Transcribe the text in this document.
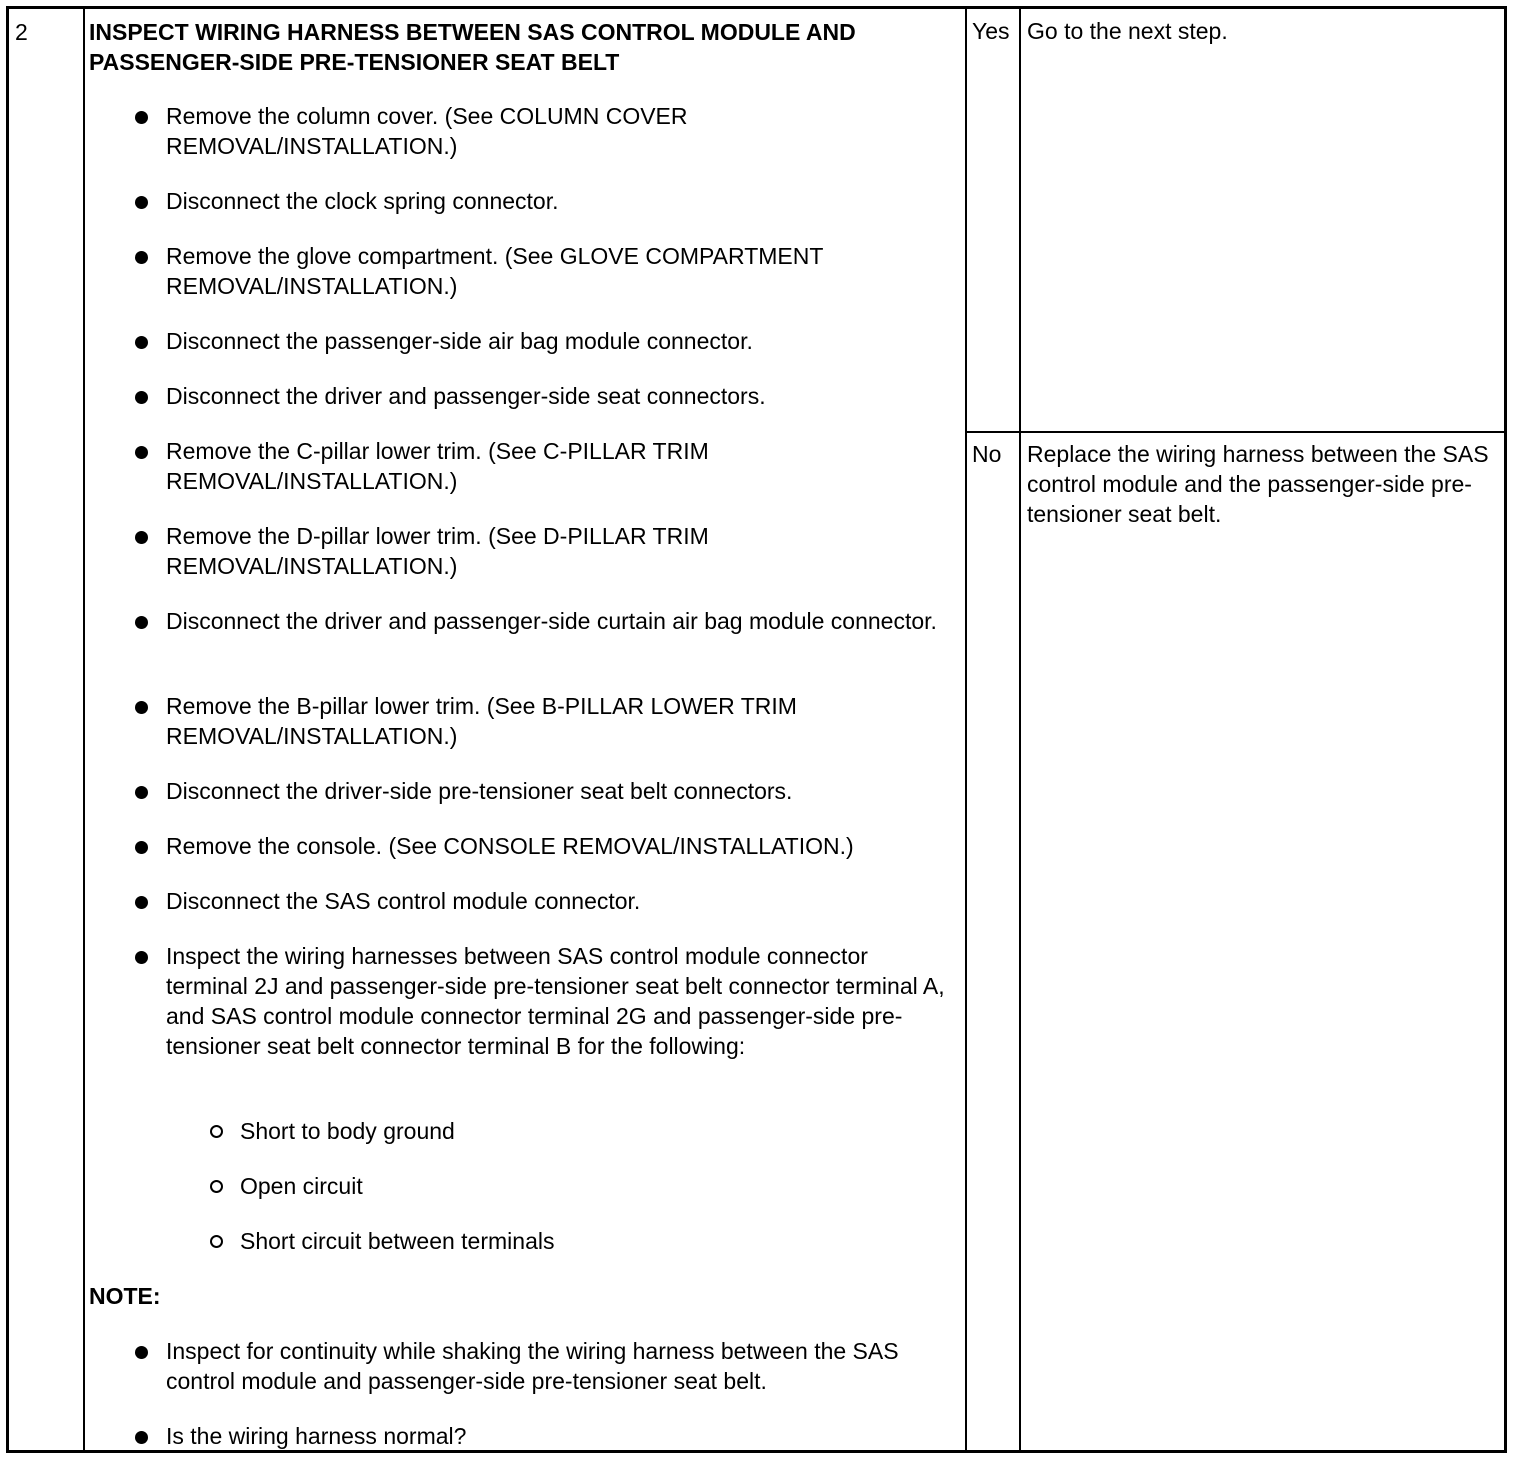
2	INSPECT WIRING HARNESS BETWEEN SAS CONTROL MODULE AND PASSENGER-SIDE PRE-TENSIONER SEAT BELT
Remove the column cover. (See COLUMN COVER REMOVAL/INSTALLATION.)
Disconnect the clock spring connector.
Remove the glove compartment. (See GLOVE COMPARTMENT REMOVAL/INSTALLATION.)
Disconnect the passenger-side air bag module connector.
Disconnect the driver and passenger-side seat connectors.
Remove the C-pillar lower trim. (See C-PILLAR TRIM REMOVAL/INSTALLATION.)
Remove the D-pillar lower trim. (See D-PILLAR TRIM REMOVAL/INSTALLATION.)
Disconnect the driver and passenger-side curtain air bag module connector.
Remove the B-pillar lower trim. (See B-PILLAR LOWER TRIM REMOVAL/INSTALLATION.)
Disconnect the driver-side pre-tensioner seat belt connectors.
Remove the console. (See CONSOLE REMOVAL/INSTALLATION.)
Disconnect the SAS control module connector.
Inspect the wiring harnesses between SAS control module connector terminal 2J and passenger-side pre-tensioner seat belt connector terminal A, and SAS control module connector terminal 2G and passenger-side pre-tensioner seat belt connector terminal B for the following:
Short to body ground
Open circuit
Short circuit between terminals
NOTE:
Inspect for continuity while shaking the wiring harness between the SAS control module and passenger-side pre-tensioner seat belt.
Is the wiring harness normal?
Yes Go to the next step.
No Replace the wiring harness between the SAS control module and the passenger-side pre-tensioner seat belt.
